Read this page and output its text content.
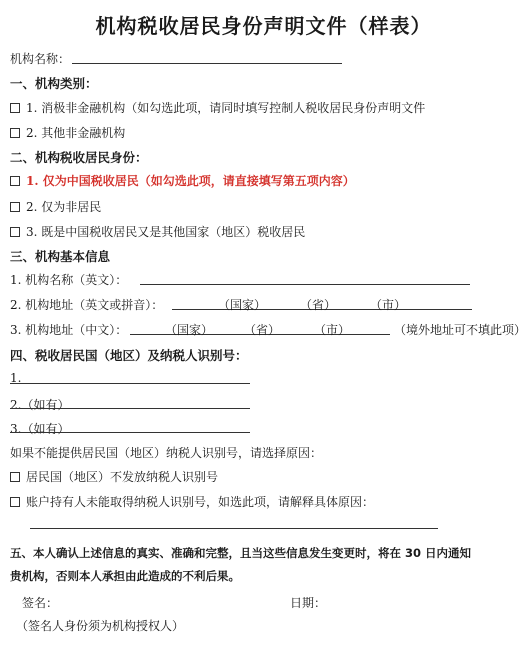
机构税收居民身份声明文件（样表）
机构名称：
一、机构类别：
1. 消极非金融机构（如勾选此项，请同时填写控制人税收居民身份声明文件
2. 其他非金融机构
二、机构税收居民身份：
1. 仅为中国税收居民（如勾选此项，请直接填写第五项内容）
2. 仅为非居民
3. 既是中国税收居民又是其他国家（地区）税收居民
三、机构基本信息
1. 机构名称（英文）：
2. 机构地址（英文或拼音）：	（国家）	（省）	（市）
3. 机构地址（中文）：	（国家）	（省）	（市）	（境外地址可不填此项）
四、税收居民国（地区）及纳税人识别号：
1.
2.（如有）
3.（如有）
如果不能提供居民国（地区）纳税人识别号，请选择原因：
居民国（地区）不发放纳税人识别号
账户持有人未能取得纳税人识别号，如选此项，请解释具体原因：
五、本人确认上述信息的真实、准确和完整，且当这些信息发生变更时，将在 30 日内通知
贵机构，否则本人承担由此造成的不利后果。
签名：	日期：
（签名人身份须为机构授权人）
